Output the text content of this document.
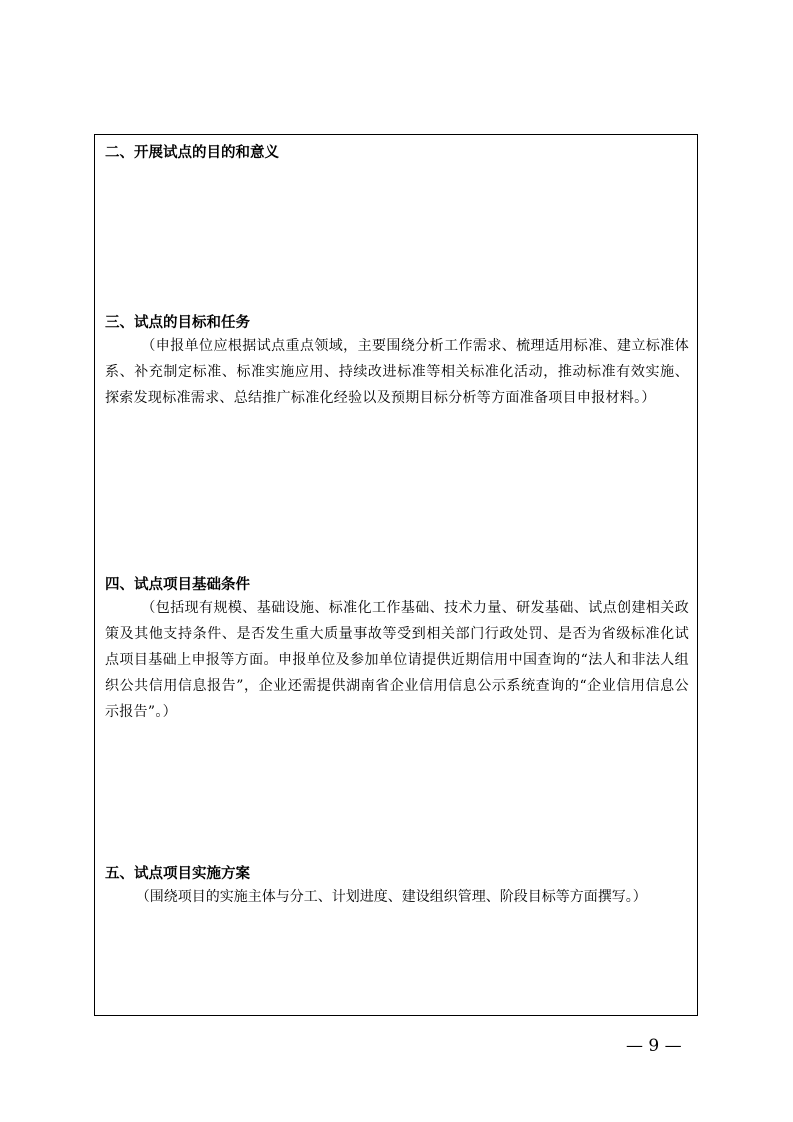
二、开展试点的目的和意义

三、试点的目标和任务

（申报单位应根据试点重点领域，主要围绕分析工作需求、梳理适用标准、建立标准体系、补充制定标准、标准实施应用、持续改进标准等相关标准化活动，推动标准有效实施、探索发现标准需求、总结推广标准化经验以及预期目标分析等方面准备项目申报材料。）

四、试点项目基础条件

（包括现有规模、基础设施、标准化工作基础、技术力量、研发基础、试点创建相关政策及其他支持条件、是否发生重大质量事故等受到相关部门行政处罚、是否为省级标准化试点项目基础上申报等方面。申报单位及参加单位请提供近期信用中国查询的“法人和非法人组织公共信用信息报告”，企业还需提供湖南省企业信用信息公示系统查询的“企业信用信息公示报告”。）

五、试点项目实施方案

（围绕项目的实施主体与分工、计划进度、建设组织管理、阶段目标等方面撰写。）

— 9 —
